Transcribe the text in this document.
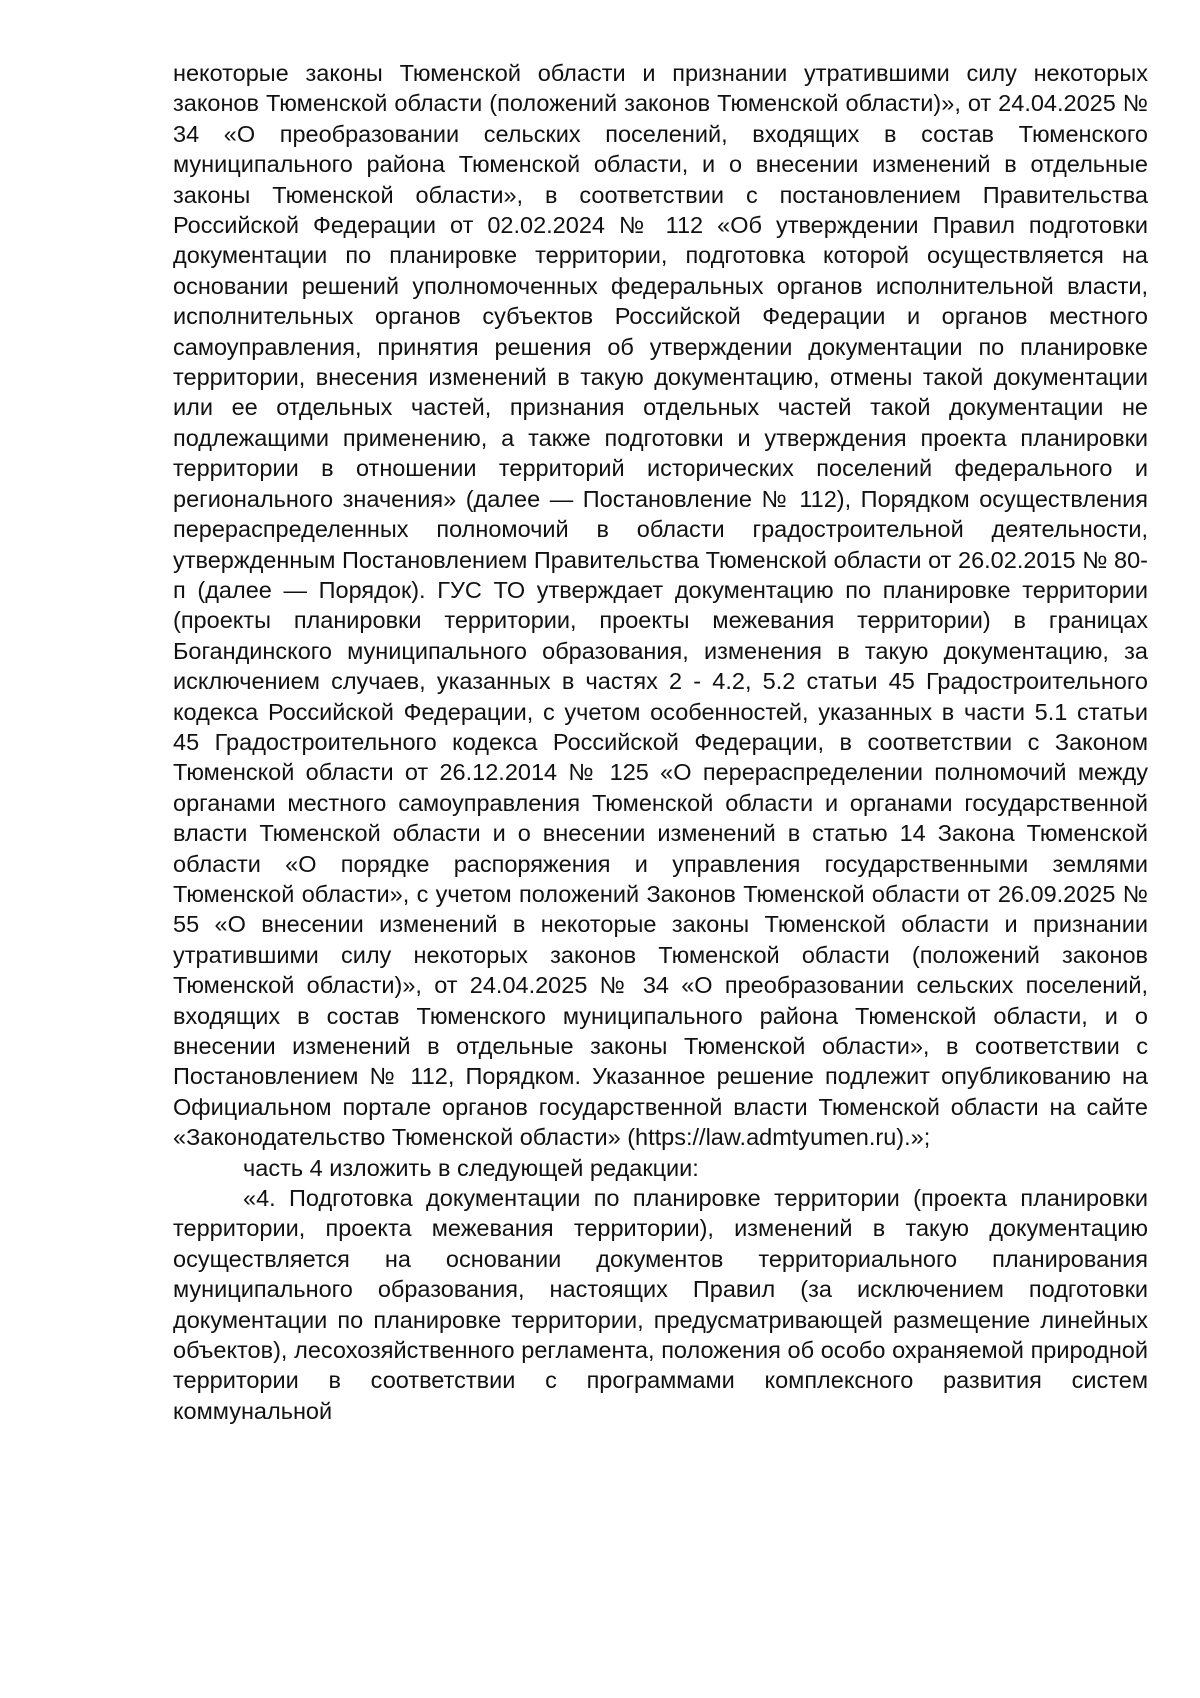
некоторые законы Тюменской области и признании утратившими силу некоторых законов Тюменской области (положений законов Тюменской области)», от 24.04.2025 № 34 «О преобразовании сельских поселений, входящих в состав Тюменского муниципального района Тюменской области, и о внесении изменений в отдельные законы Тюменской области», в соответствии с постановлением Правительства Российской Федерации от 02.02.2024 № 112 «Об утверждении Правил подготовки документации по планировке территории, подготовка которой осуществляется на основании решений уполномоченных федеральных органов исполнительной власти, исполнительных органов субъектов Российской Федерации и органов местного самоуправления, принятия решения об утверждении документации по планировке территории, внесения изменений в такую документацию, отмены такой документации или ее отдельных частей, признания отдельных частей такой документации не подлежащими применению, а также подготовки и утверждения проекта планировки территории в отношении территорий исторических поселений федерального и регионального значения» (далее — Постановление № 112), Порядком осуществления перераспределенных полномочий в области градостроительной деятельности, утвержденным Постановлением Правительства Тюменской области от 26.02.2015 № 80-п (далее — Порядок). ГУС ТО утверждает документацию по планировке территории (проекты планировки территории, проекты межевания территории) в границах Богандинского муниципального образования, изменения в такую документацию, за исключением случаев, указанных в частях 2 - 4.2, 5.2 статьи 45 Градостроительного кодекса Российской Федерации, с учетом особенностей, указанных в части 5.1 статьи 45 Градостроительного кодекса Российской Федерации, в соответствии с Законом Тюменской области от 26.12.2014 № 125 «О перераспределении полномочий между органами местного самоуправления Тюменской области и органами государственной власти Тюменской области и о внесении изменений в статью 14 Закона Тюменской области «О порядке распоряжения и управления государственными землями Тюменской области», с учетом положений Законов Тюменской области от 26.09.2025 № 55 «О внесении изменений в некоторые законы Тюменской области и признании утратившими силу некоторых законов Тюменской области (положений законов Тюменской области)», от 24.04.2025 № 34 «О преобразовании сельских поселений, входящих в состав Тюменского муниципального района Тюменской области, и о внесении изменений в отдельные законы Тюменской области», в соответствии с Постановлением № 112, Порядком. Указанное решение подлежит опубликованию на Официальном портале органов государственной власти Тюменской области на сайте «Законодательство Тюменской области» (https://law.admtyumen.ru).»;

часть 4 изложить в следующей редакции:

«4. Подготовка документации по планировке территории (проекта планировки территории, проекта межевания территории), изменений в такую документацию осуществляется на основании документов территориального планирования муниципального образования, настоящих Правил (за исключением подготовки документации по планировке территории, предусматривающей размещение линейных объектов), лесохозяйственного регламента, положения об особо охраняемой природной территории в соответствии с программами комплексного развития систем коммунальной
